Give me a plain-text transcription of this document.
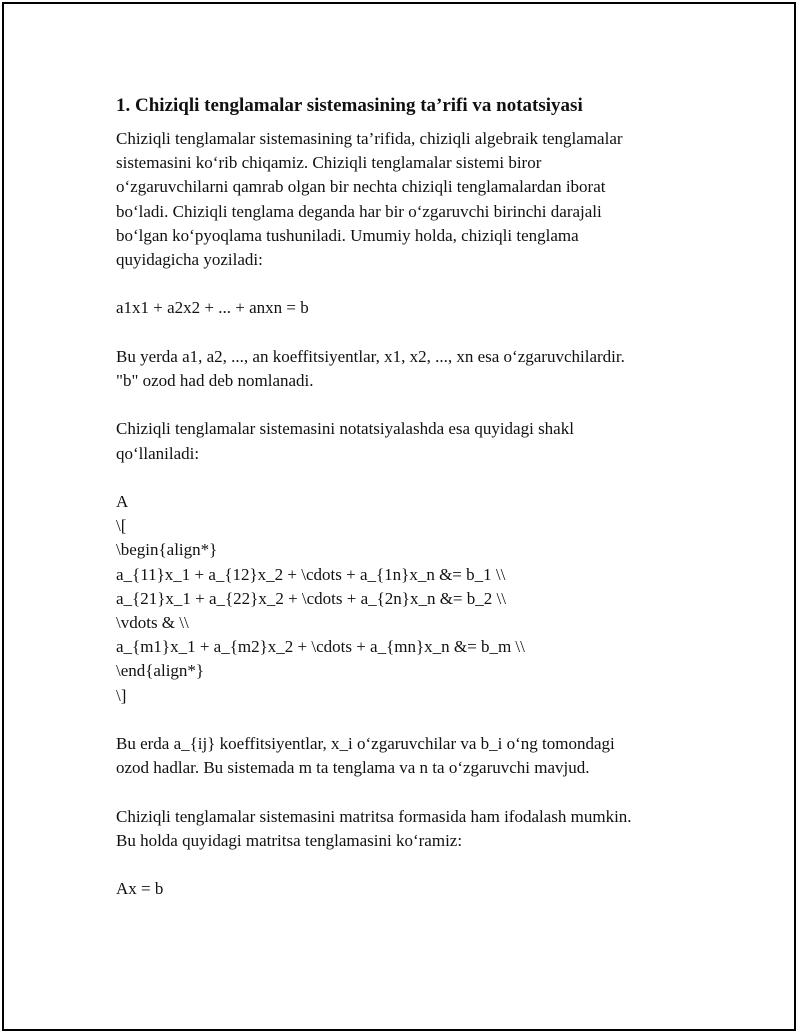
1. Chiziqli tenglamalar sistemasining ta’rifi va notatsiyasi

Chiziqli tenglamalar sistemasining ta’rifida, chiziqli algebraik tenglamalar
sistemasini ko‘rib chiqamiz. Chiziqli tenglamalar sistemi biror
o‘zgaruvchilarni qamrab olgan bir nechta chiziqli tenglamalardan iborat
bo‘ladi. Chiziqli tenglama deganda har bir o‘zgaruvchi birinchi darajali
bo‘lgan ko‘pyoqlama tushuniladi. Umumiy holda, chiziqli tenglama
quyidagicha yoziladi:

a1x1 + a2x2 + ... + anxn = b

Bu yerda a1, a2, ..., an koeffitsiyentlar, x1, x2, ..., xn esa o‘zgaruvchilardir.
"b" ozod had deb nomlanadi.

Chiziqli tenglamalar sistemasini notatsiyalashda esa quyidagi shakl
qo‘llaniladi:

A
\[
\begin{align*}
a_{11}x_1 + a_{12}x_2 + \cdots + a_{1n}x_n &= b_1 \\
a_{21}x_1 + a_{22}x_2 + \cdots + a_{2n}x_n &= b_2 \\
\vdots & \\
a_{m1}x_1 + a_{m2}x_2 + \cdots + a_{mn}x_n &= b_m \\
\end{align*}
\]

Bu erda a_{ij} koeffitsiyentlar, x_i o‘zgaruvchilar va b_i o‘ng tomondagi
ozod hadlar. Bu sistemada m ta tenglama va n ta o‘zgaruvchi mavjud.

Chiziqli tenglamalar sistemasini matritsa formasida ham ifodalash mumkin.
Bu holda quyidagi matritsa tenglamasini ko‘ramiz:

Ax = b
